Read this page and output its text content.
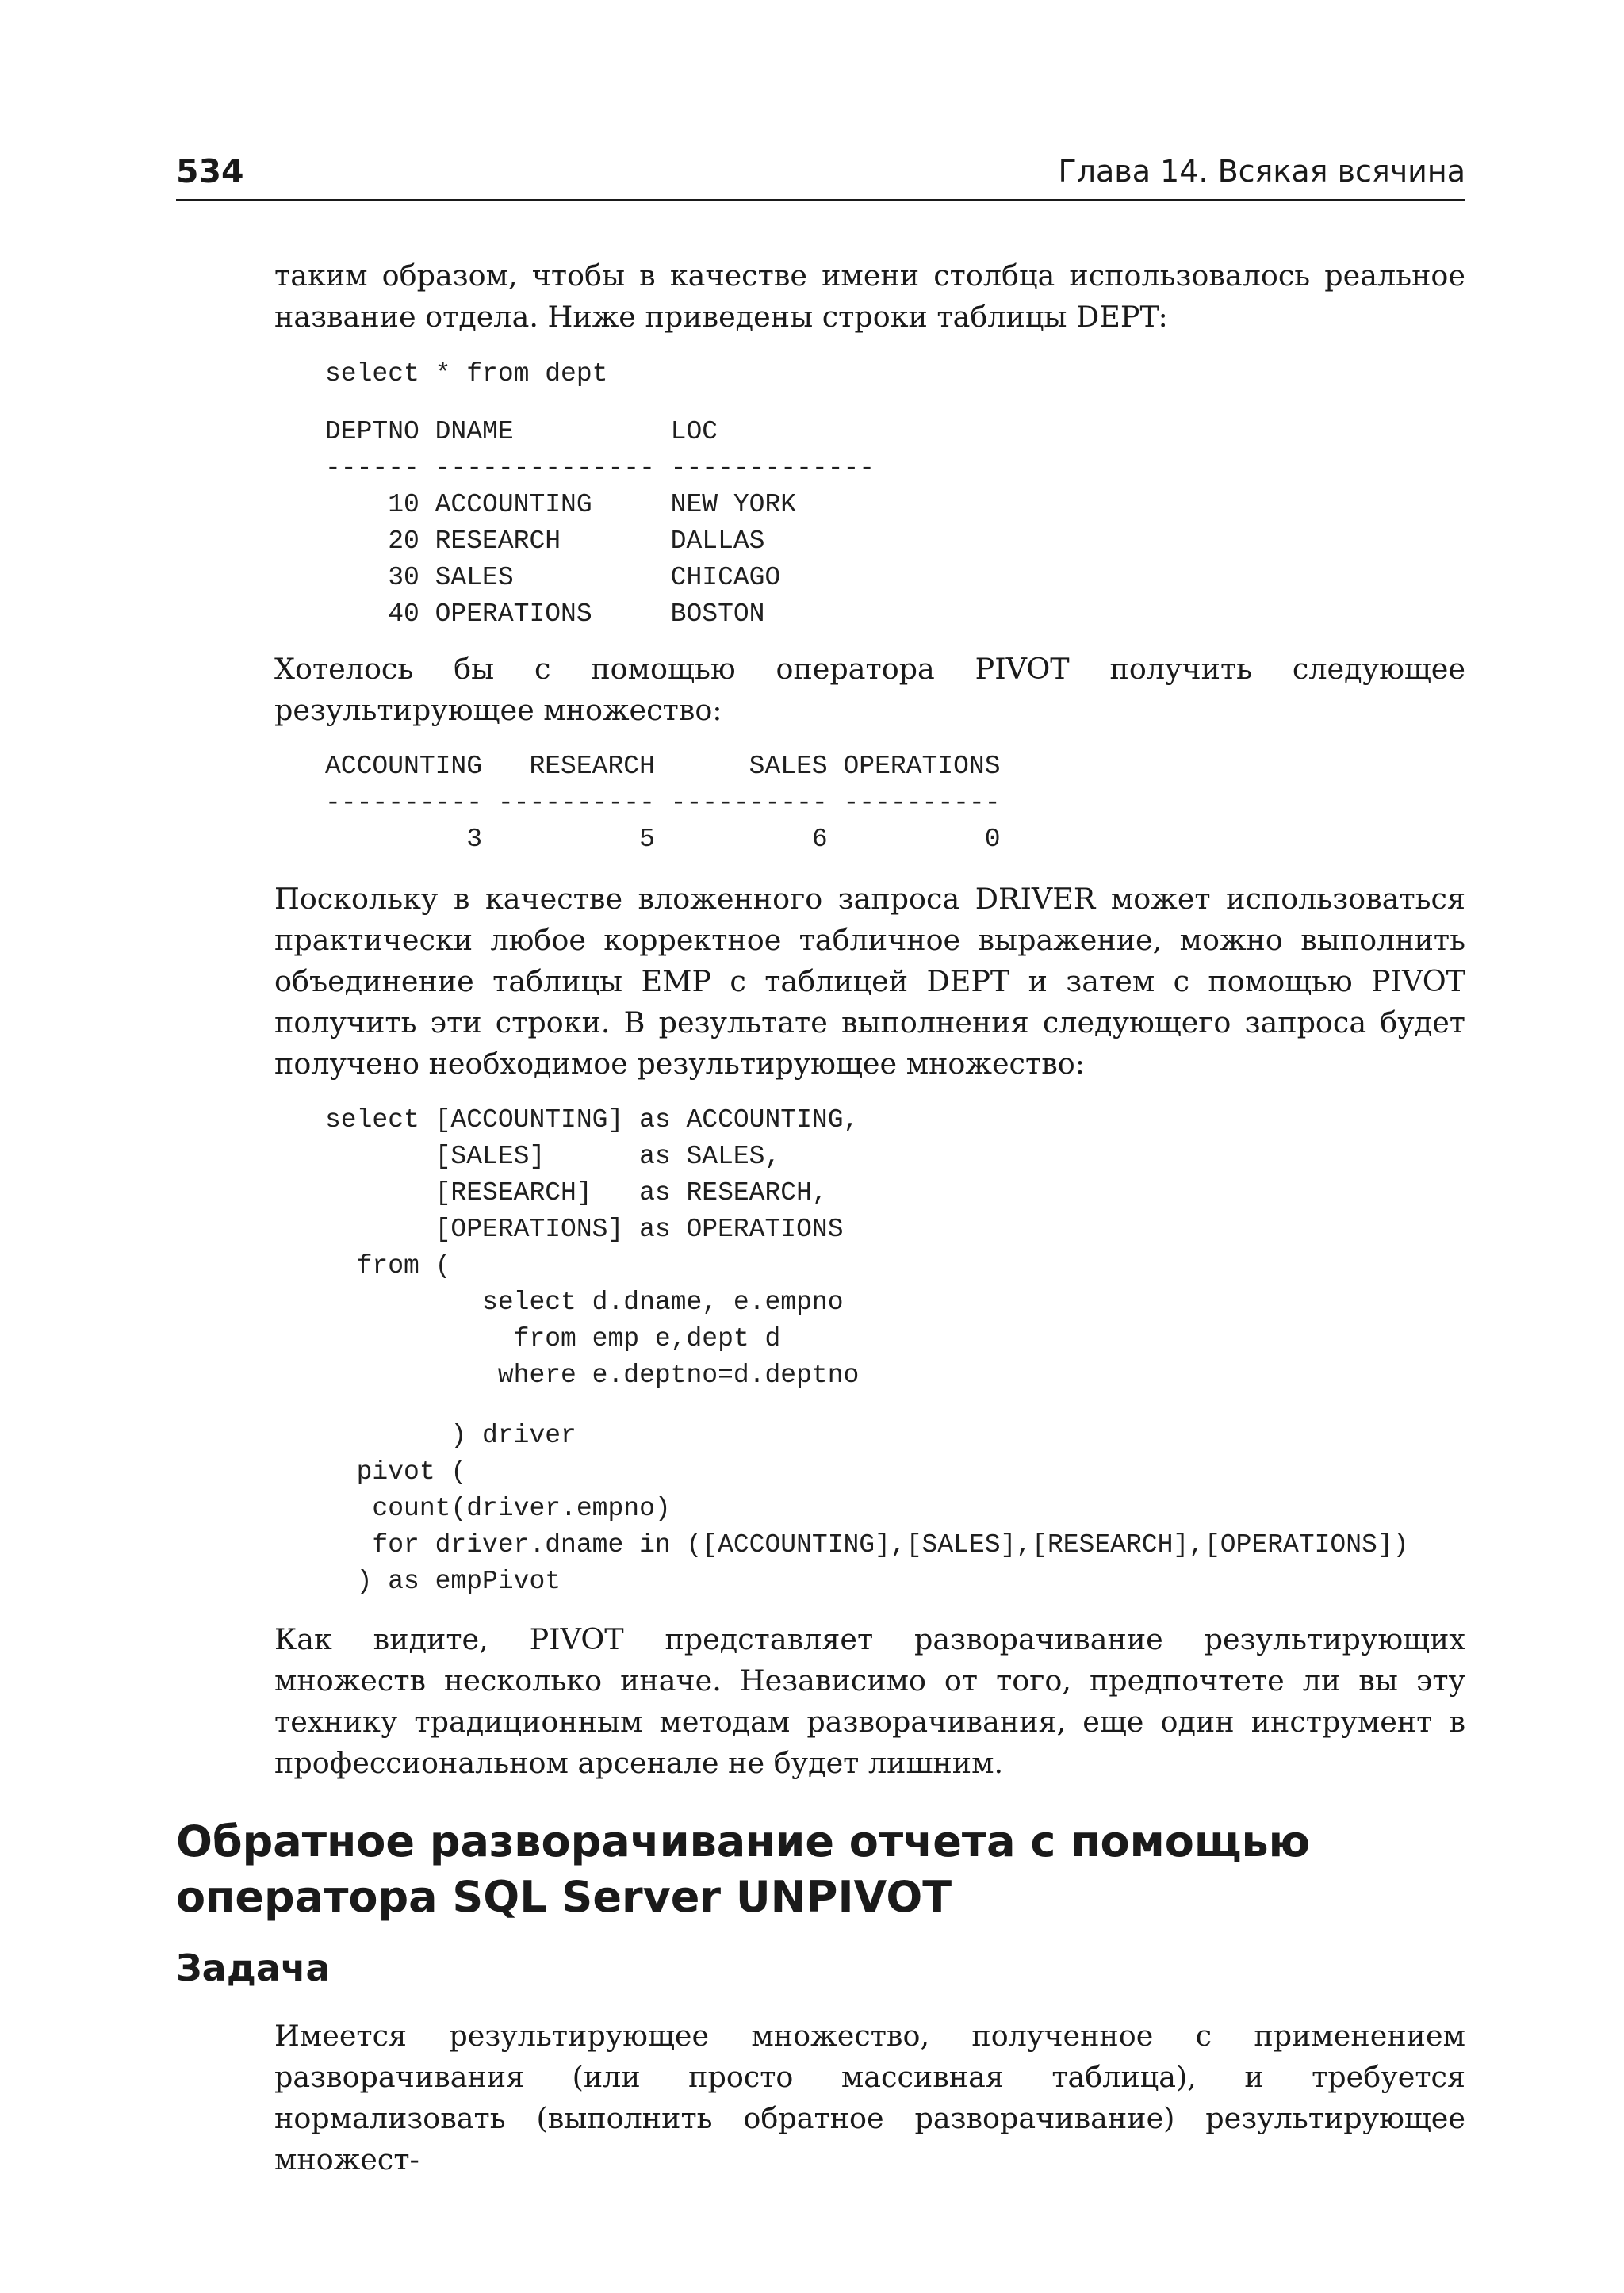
534	Глава 14. Всякая всячина

таким образом, чтобы в качестве имени столбца использовалось реальное название отдела. Ниже приведены строки таблицы DEPT:

select * from dept
DEPTNO DNAME          LOC
------ -------------- -------------
10 ACCOUNTING     NEW YORK
20 RESEARCH       DALLAS
30 SALES          CHICAGO
40 OPERATIONS     BOSTON

Хотелось бы с помощью оператора PIVOT получить следующее результирующее множество:

ACCOUNTING   RESEARCH      SALES OPERATIONS
---------- ---------- ---------- ----------
3          5          6          0

Поскольку в качестве вложенного запроса DRIVER может использоваться практически любое корректное табличное выражение, можно выполнить объединение таблицы EMP с таблицей DEPT и затем с помощью PIVOT получить эти строки. В результате выполнения следующего запроса будет получено необходимое результирующее множество:

select [ACCOUNTING] as ACCOUNTING,
[SALES]      as SALES,
[RESEARCH]   as RESEARCH,
[OPERATIONS] as OPERATIONS
from (
select d.dname, e.empno
from emp e,dept d
where e.deptno=d.deptno
) driver
pivot (
count(driver.empno)
for driver.dname in ([ACCOUNTING],[SALES],[RESEARCH],[OPERATIONS])
) as empPivot

Как видите, PIVOT представляет разворачивание результирующих множеств несколько иначе. Независимо от того, предпочтете ли вы эту технику традиционным методам разворачивания, еще один инструмент в профессиональном арсенале не будет лишним.

Обратное разворачивание отчета с помощью оператора SQL Server UNPIVOT
Задача

Имеется результирующее множество, полученное с применением разворачивания (или просто массивная таблица), и требуется нормализовать (выполнить обратное разворачивание) результирующее множест-
